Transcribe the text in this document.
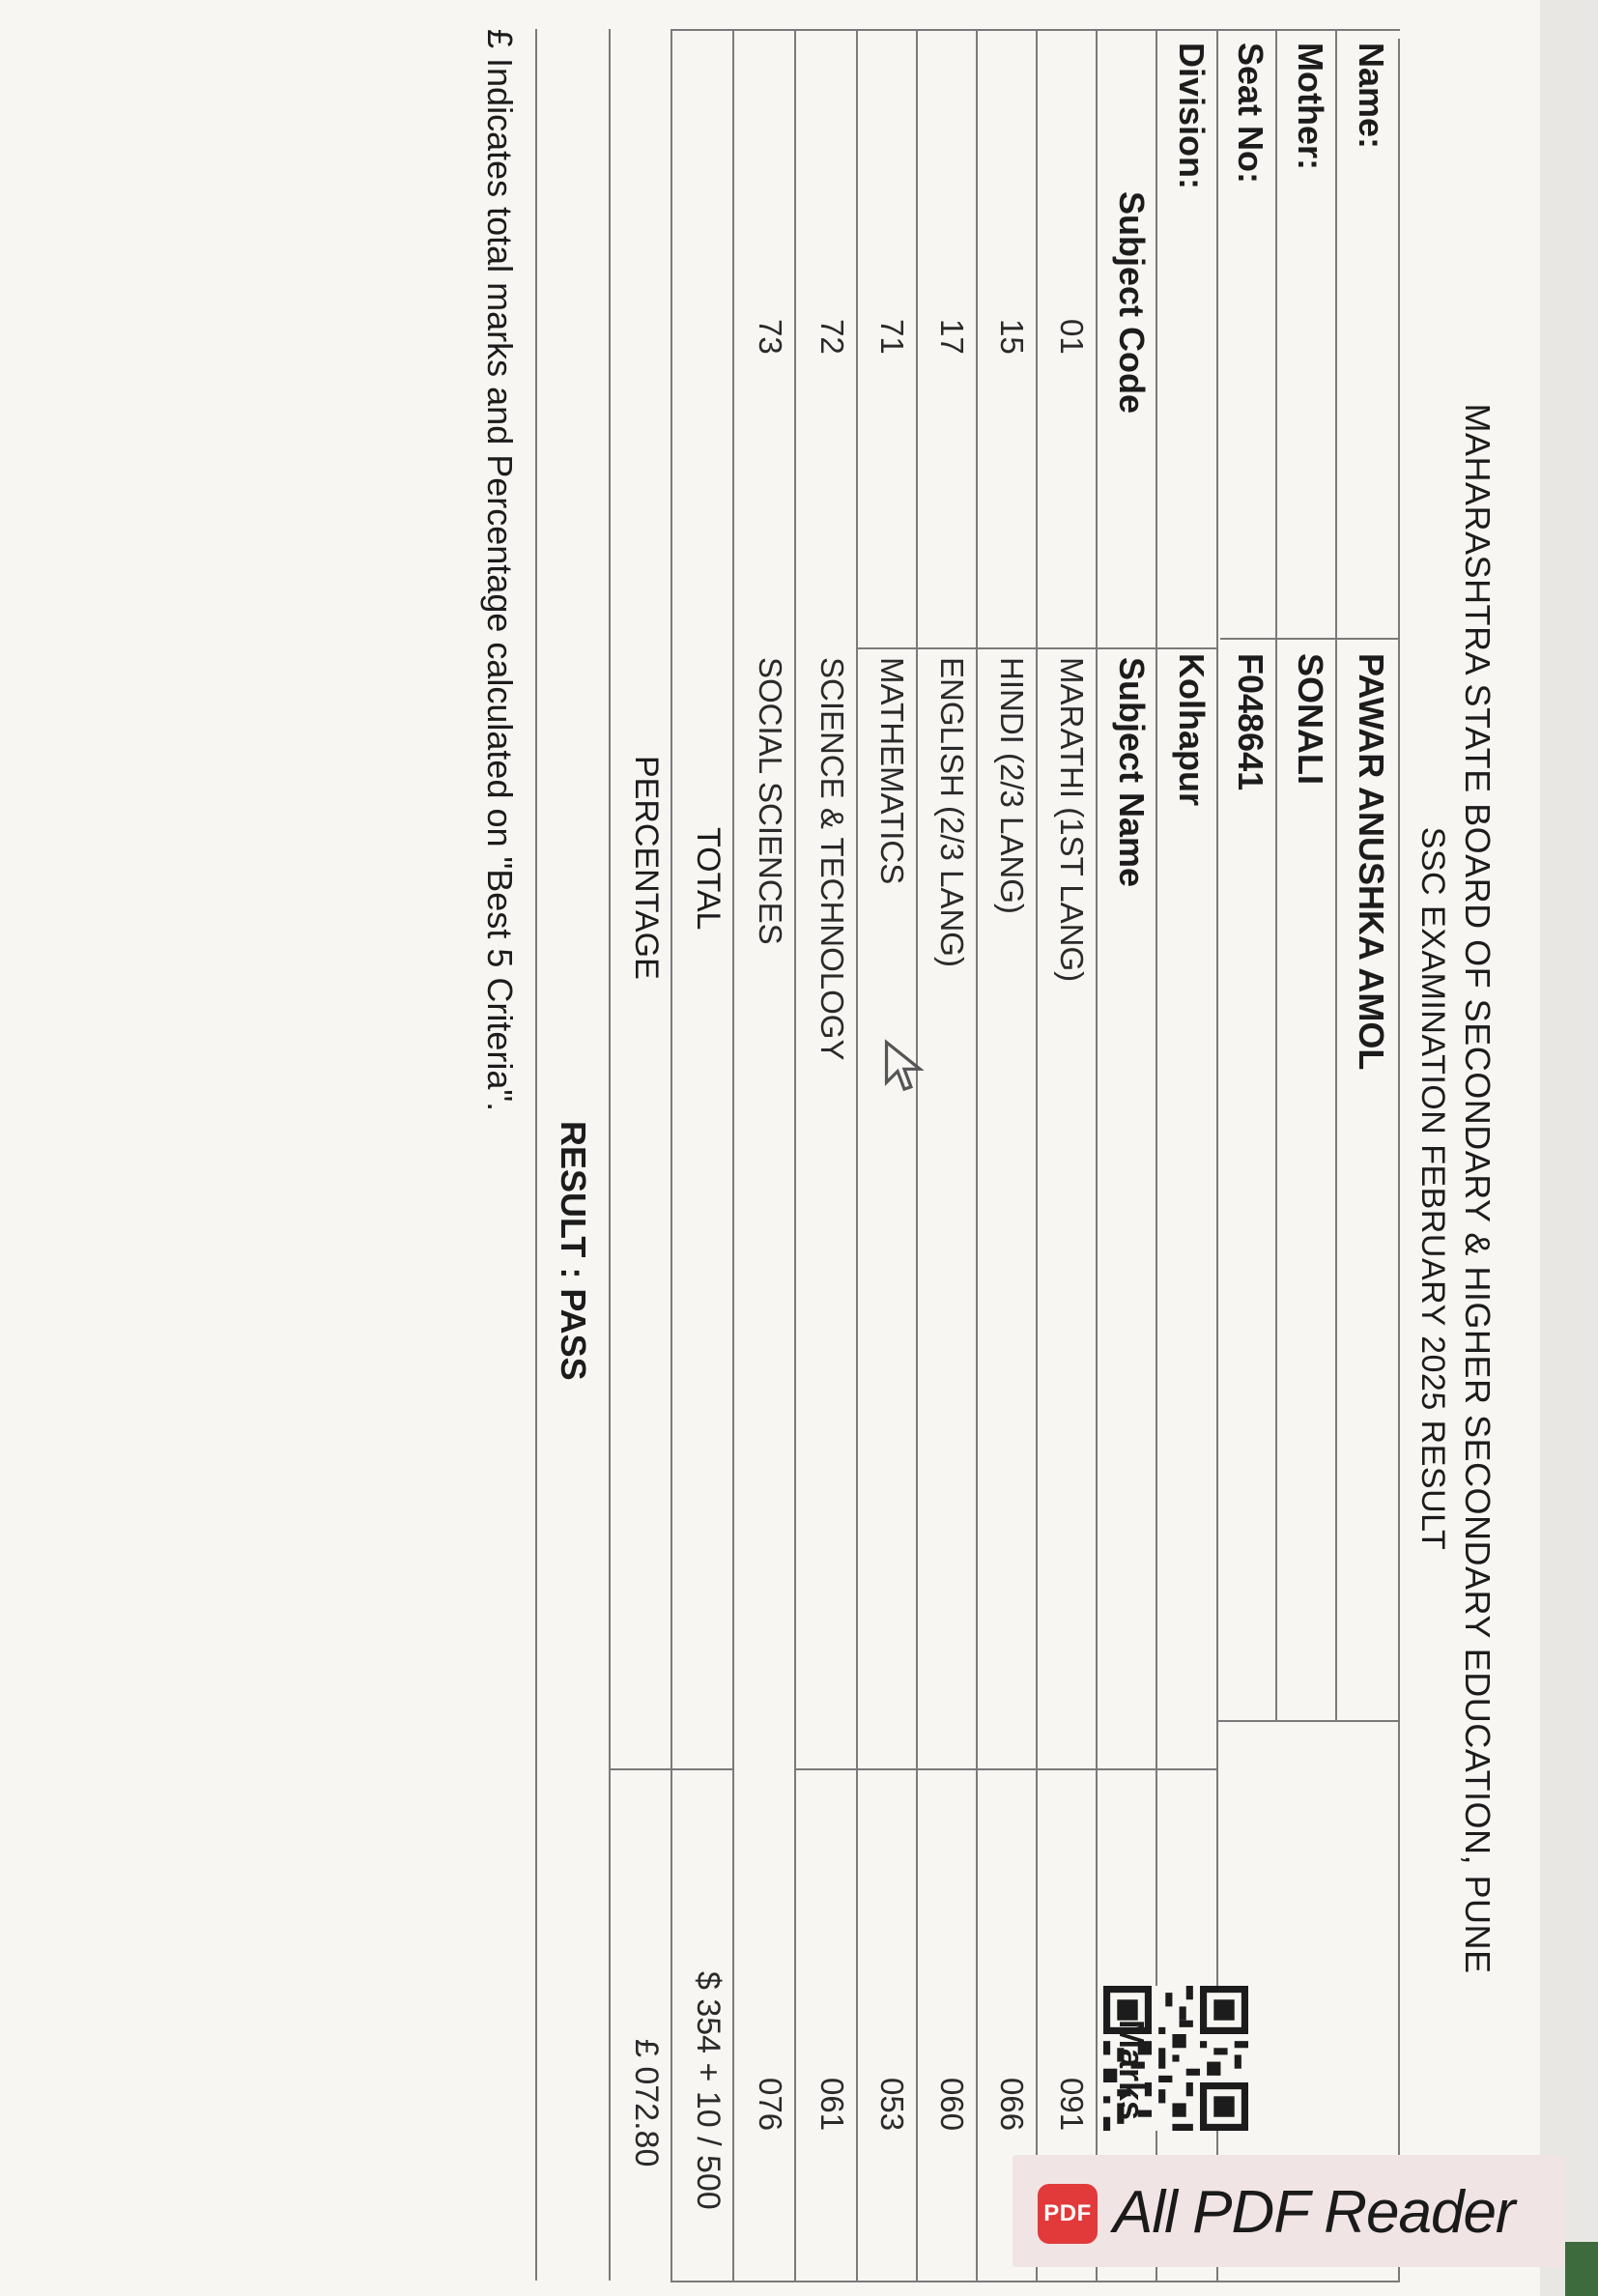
MAHARASHTRA STATE BOARD OF SECONDARY & HIGHER SECONDARY EDUCATION, PUNE
SSC EXAMINATION FEBRUARY 2025 RESULT
Name:
PAWAR ANUSHKA AMOL
Mother:
SONALI
Seat No:
F048641
Division:
Kolhapur
Subject Code
Subject Name
Marks
01
MARATHI (1ST LANG)
091
15
HINDI (2/3 LANG)
066
17
ENGLISH (2/3 LANG)
060
71
MATHEMATICS
053
72
SCIENCE & TECHNOLOGY
061
73
SOCIAL SCIENCES
076
TOTAL
$ 354 + 10 / 500
PERCENTAGE
£ 072.80
RESULT : PASS
£ Indicates total marks and Percentage calculated on "Best 5 Criteria".
PDF All PDF Reader
